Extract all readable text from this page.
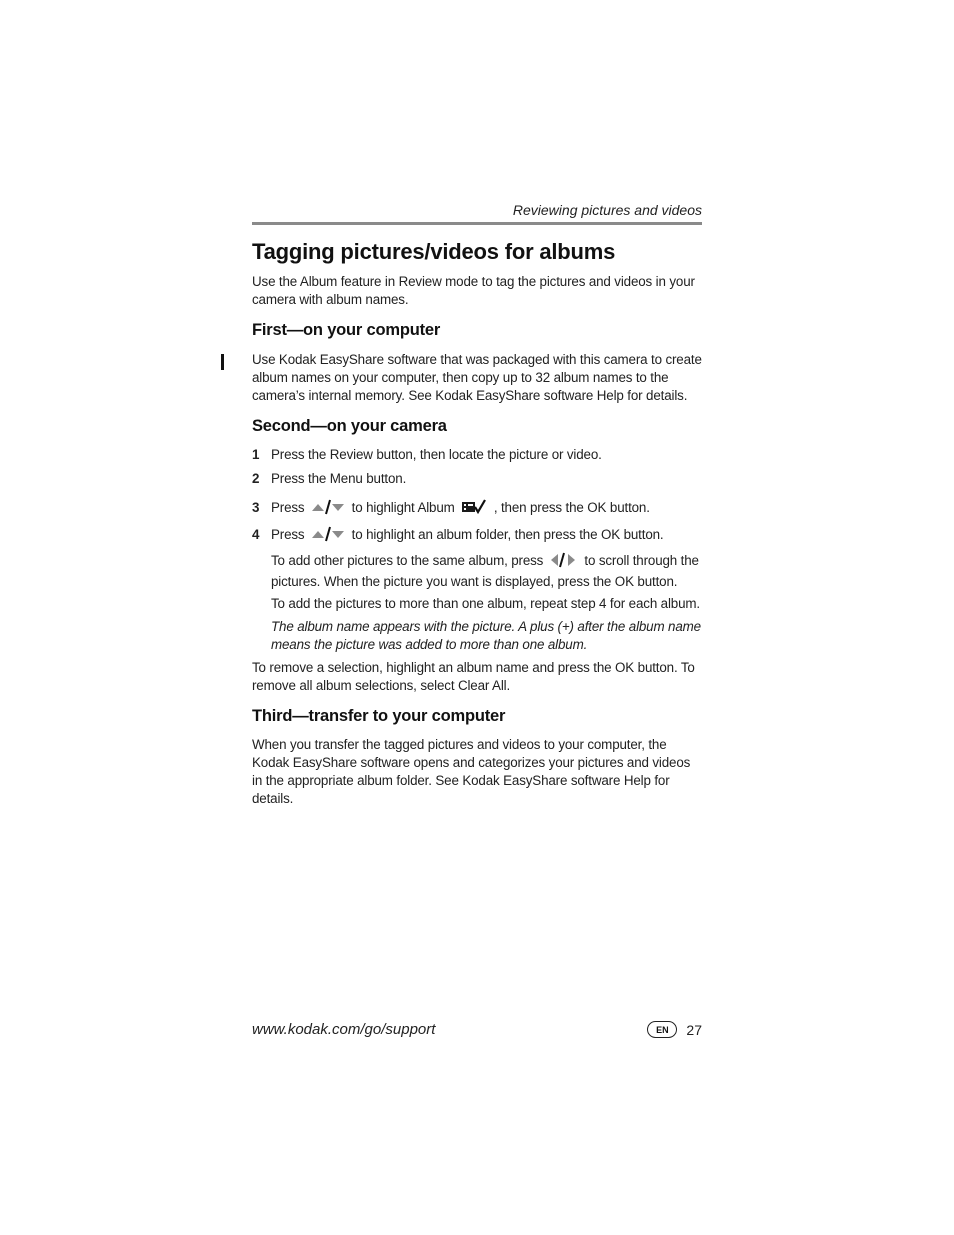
Reviewing pictures and videos
Tagging pictures/videos for albums
Use the Album feature in Review mode to tag the pictures and videos in your camera with album names.
First—on your computer
Use Kodak EasyShare software that was packaged with this camera to create album names on your computer, then copy up to 32 album names to the camera’s internal memory. See Kodak EasyShare software Help for details.
Second—on your camera
1 Press the Review button, then locate the picture or video.
2 Press the Menu button.
3 Press	to highlight Album	, then press the OK button.
4 Press	to highlight an album folder, then press the OK button.
To add other pictures to the same album, press	to scroll through the pictures. When the picture you want is displayed, press the OK button.
To add the pictures to more than one album, repeat step 4 for each album.
The album name appears with the picture. A plus (+) after the album name means the picture was added to more than one album.
To remove a selection, highlight an album name and press the OK button. To remove all album selections, select Clear All.
Third—transfer to your computer
When you transfer the tagged pictures and videos to your computer, the Kodak EasyShare software opens and categorizes your pictures and videos in the appropriate album folder. See Kodak EasyShare software Help for details.
www.kodak.com/go/support	EN	27
